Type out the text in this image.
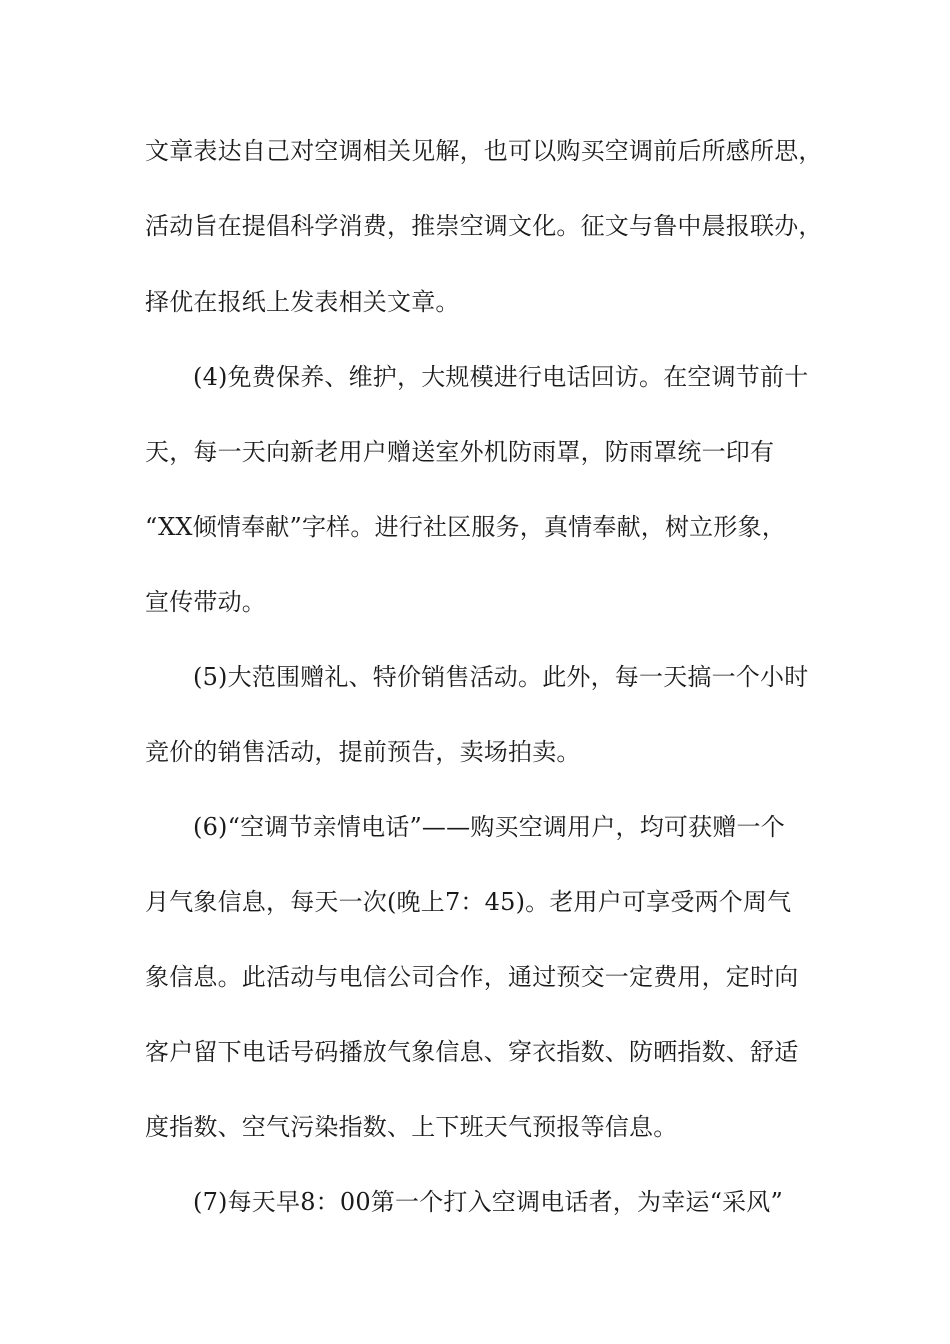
文章表达自己对空调相关见解，也可以购买空调前后所感所思，
活动旨在提倡科学消费，推崇空调文化。征文与鲁中晨报联办，
择优在报纸上发表相关文章。
(4)免费保养、维护，大规模进行电话回访。在空调节前十
天，每一天向新老用户赠送室外机防雨罩，防雨罩统一印有
“XX倾情奉献”字样。进行社区服务，真情奉献，树立形象，
宣传带动。
(5)大范围赠礼、特价销售活动。此外，每一天搞一个小时
竞价的销售活动，提前预告，卖场拍卖。
(6)“空调节亲情电话”——购买空调用户，均可获赠一个
月气象信息，每天一次(晚上7：45)。老用户可享受两个周气
象信息。此活动与电信公司合作，通过预交一定费用，定时向
客户留下电话号码播放气象信息、穿衣指数、防晒指数、舒适
度指数、空气污染指数、上下班天气预报等信息。
(7)每天早8：00第一个打入空调电话者，为幸运“采风”
